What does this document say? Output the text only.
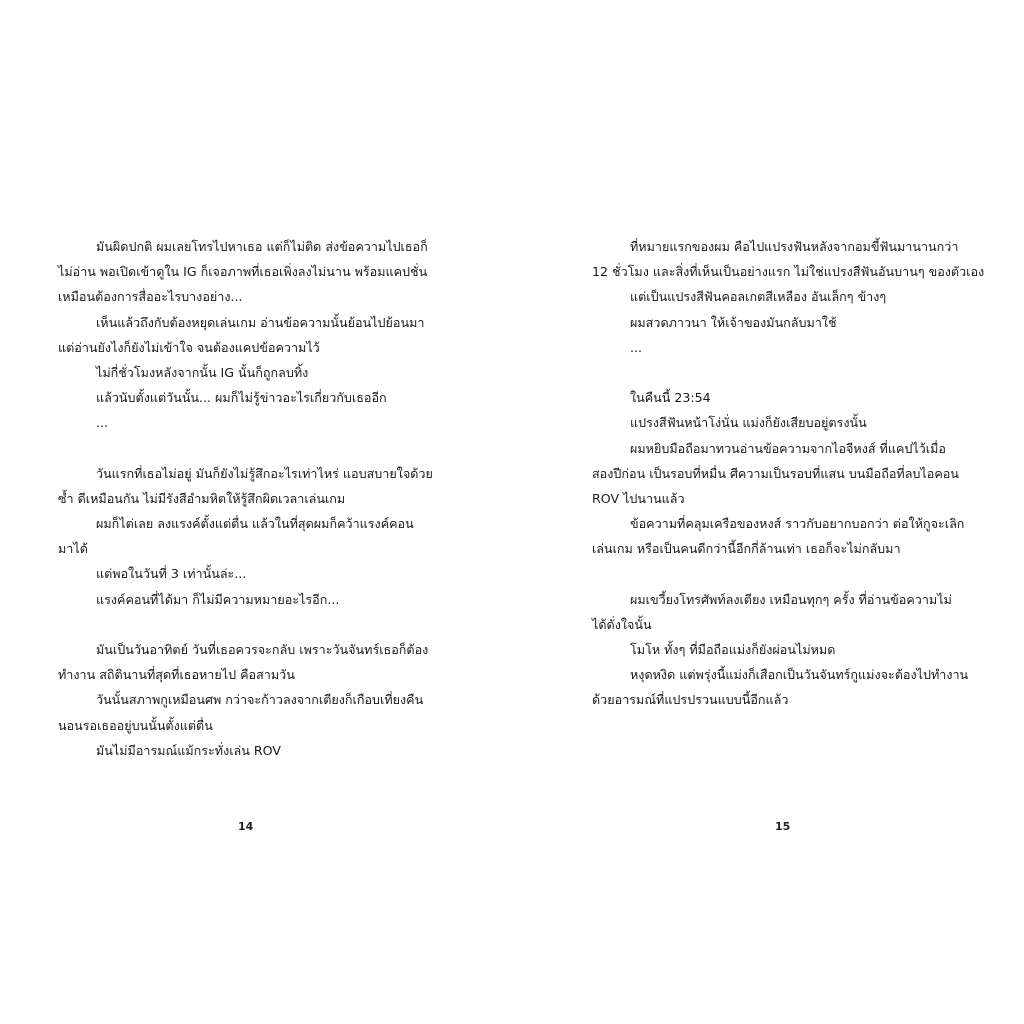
มันผิดปกติ ผมเลยโทรไปหาเธอ แต่ก็ไม่ติด ส่งข้อความไปเธอก็
ไม่อ่าน พอเปิดเข้าดูใน IG ก็เจอภาพที่เธอเพิ่งลงไม่นาน พร้อมแคปชั่น
เหมือนต้องการสื่ออะไรบางอย่าง...
เห็นแล้วถึงกับต้องหยุดเล่นเกม อ่านข้อความนั้นย้อนไปย้อนมา
แต่อ่านยังไงก็ยังไม่เข้าใจ จนต้องแคปข้อความไว้
ไม่กี่ชั่วโมงหลังจากนั้น IG นั้นก็ถูกลบทิ้ง
แล้วนับตั้งแต่วันนั้น... ผมก็ไม่รู้ข่าวอะไรเกี่ยวกับเธออีก
...
วันแรกที่เธอไม่อยู่ มันก็ยังไม่รู้สึกอะไรเท่าไหร่ แอบสบายใจด้วย
ซ้ำ ดีเหมือนกัน ไม่มีรังสีอำมหิตให้รู้สึกผิดเวลาเล่นเกม
ผมก็ไต่เลย ลงแรงค์ตั้งแต่ตื่น แล้วในที่สุดผมก็คว้าแรงค์คอน
มาได้
แต่พอในวันที่ 3 เท่านั้นล่ะ...
แรงค์คอนที่ได้มา ก็ไม่มีความหมายอะไรอีก...
มันเป็นวันอาทิตย์ วันที่เธอควรจะกลับ เพราะวันจันทร์เธอก็ต้อง
ทำงาน สถิตินานที่สุดที่เธอหายไป คือสามวัน
วันนั้นสภาพกูเหมือนศพ กว่าจะก้าวลงจากเตียงก็เกือบเที่ยงคืน
นอนรอเธออยู่บนนั้นตั้งแต่ตื่น
มันไม่มีอารมณ์แม้กระทั่งเล่น ROV
14
ที่หมายแรกของผม คือไปแปรงฟันหลังจากอมขี้ฟันมานานกว่า
12 ชั่วโมง และสิ่งที่เห็นเป็นอย่างแรก ไม่ใช่แปรงสีฟันอันบานๆ ของตัวเอง
แต่เป็นแปรงสีฟันคอลเกตสีเหลือง อันเล็กๆ ข้างๆ
ผมสวดภาวนา ให้เจ้าของมันกลับมาใช้
...
ในคืนนี้ 23:54
แปรงสีฟันหน้าโง่นั่น แม่งก็ยังเสียบอยู่ตรงนั้น
ผมหยิบมือถือมาทวนอ่านข้อความจากไอจีหงส์ ที่แคปไว้เมื่อ
สองปีก่อน เป็นรอบที่หมื่น ศีความเป็นรอบที่แสน บนมือถือที่ลบไอคอน
ROV ไปนานแล้ว
ข้อความที่คลุมเครือของหงส์ ราวกับอยากบอกว่า ต่อให้กูจะเลิก
เล่นเกม หรือเป็นคนดีกว่านี้อีกกี่ล้านเท่า เธอก็จะไม่กลับมา
ผมเขวี้ยงโทรศัพท์ลงเตียง เหมือนทุกๆ ครั้ง ที่อ่านข้อความไม่
ได้ดั่งใจนั้น
โมโห ทั้งๆ ที่มือถือแม่งก็ยังผ่อนไม่หมด
หงุดหงิด แต่พรุ่งนี้แม่งก็เสือกเป็นวันจันทร์กูแม่งจะต้องไปทำงาน
ด้วยอารมณ์ที่แปรปรวนแบบนี้อีกแล้ว
15
